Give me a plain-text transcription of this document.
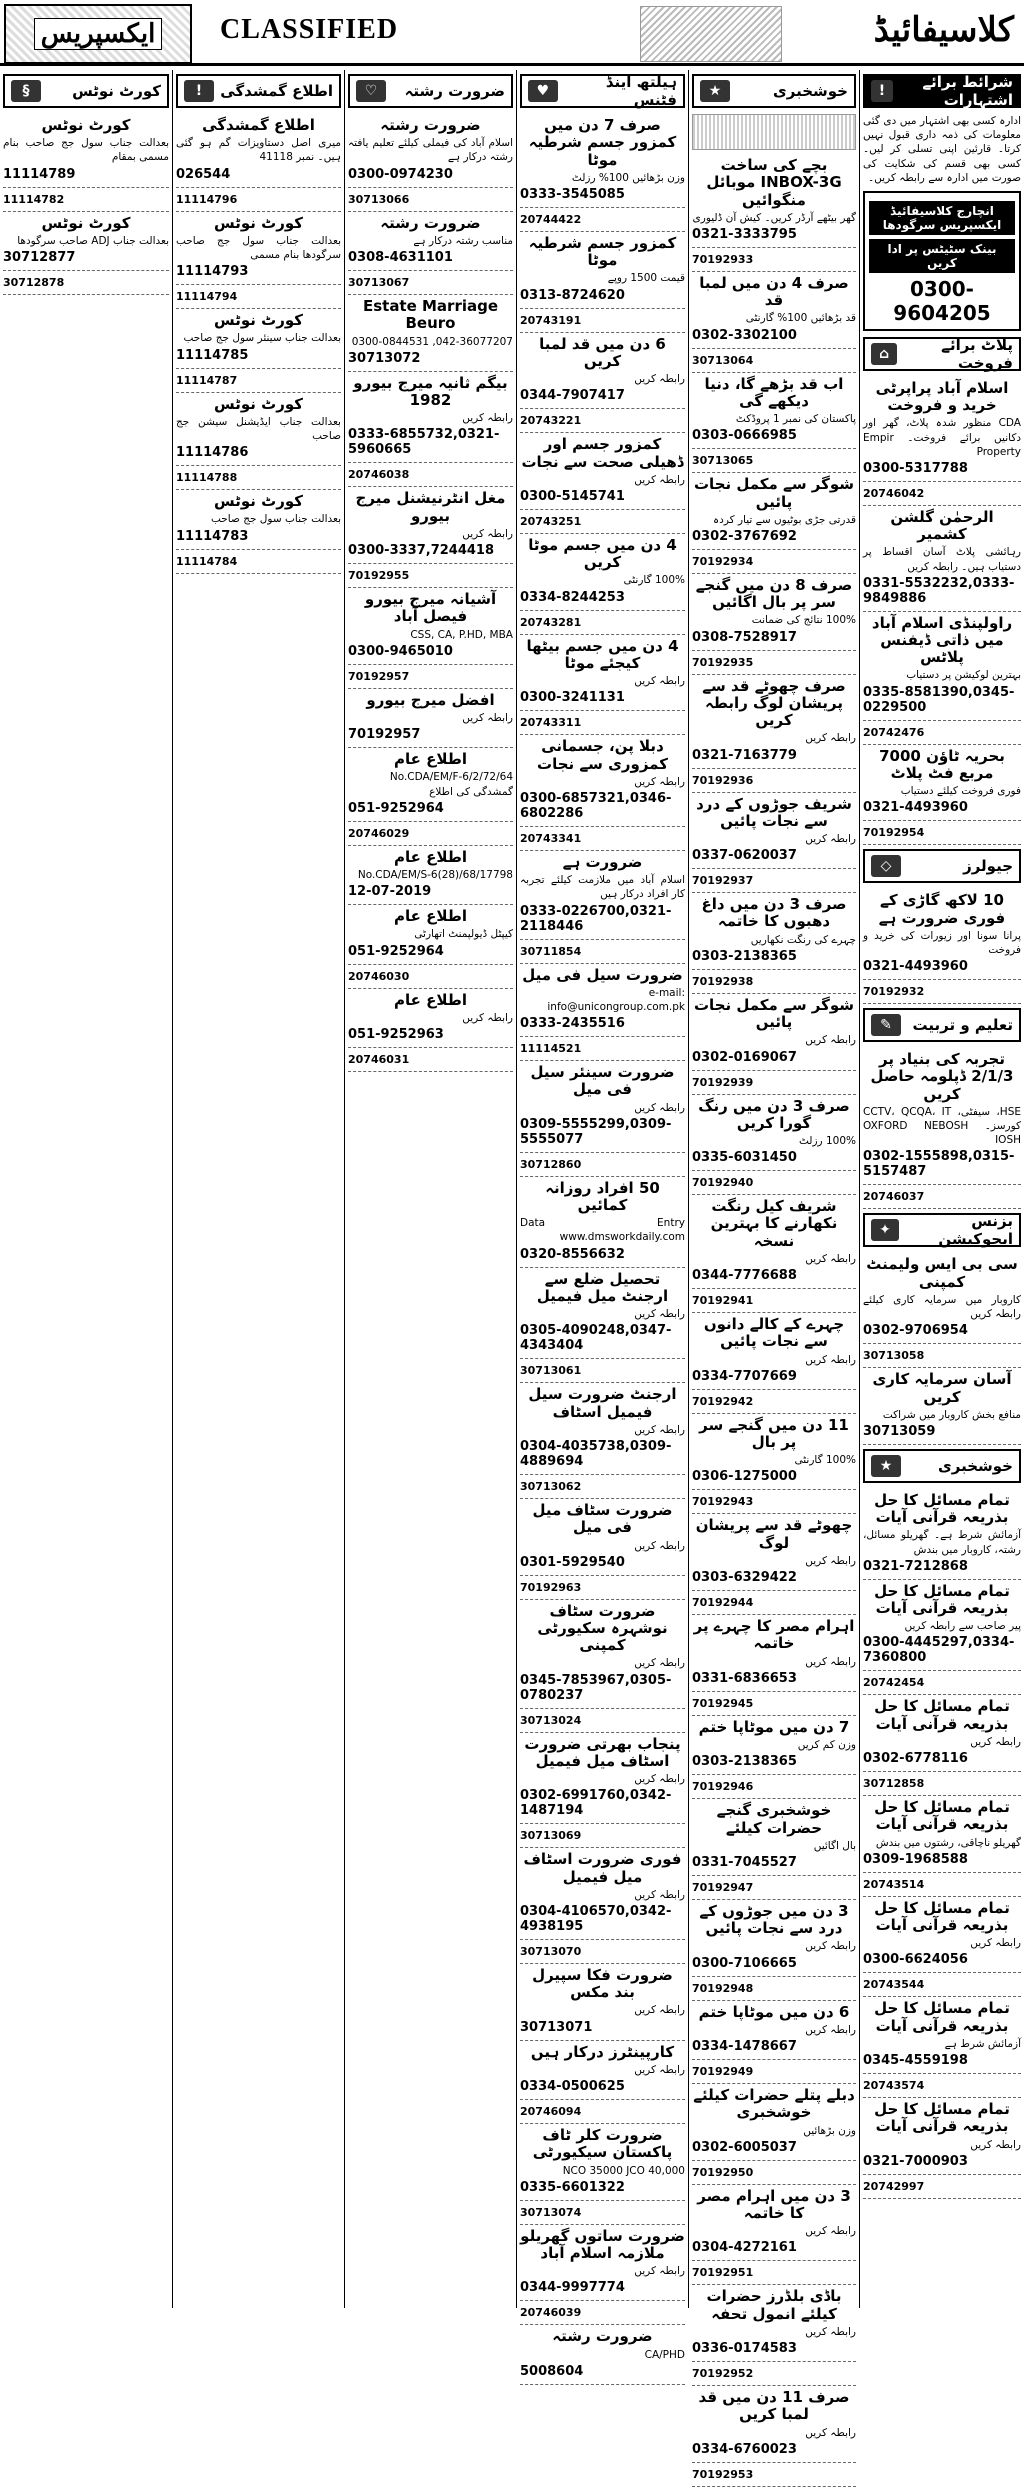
ایکسپریس CLASSIFIED	کلاسیفائیڈ
شرائط برائے اشتہارات
!
ادارہ کسی بھی اشتہار میں دی گئی معلومات کی ذمہ داری قبول نہیں کرتا۔ قارئین اپنی تسلی کر لیں۔ کسی بھی قسم کی شکایت کی صورت میں ادارہ سے رابطہ کریں۔
انچارج کلاسیفائیڈ ایکسپریس سرگودھا
بینک سٹیٹس پر ادا کریں
0300-9604205
پلاٹ برائے فروخت
⌂
اسلام آباد پراپرٹی خرید و فروخت

CDA منظور شدہ پلاٹ، گھر اور دکانیں برائے فروخت۔ Empir Property

0300-5317788
20746042
الرحمٰن گلشن کشمیر

رہائشی پلاٹ آسان اقساط پر دستیاب ہیں۔ رابطہ کریں

0331-5532232,0333-9849886
راولپنڈی اسلام آباد میں ذاتی ڈیفنس پلاٹس

بہترین لوکیشن پر دستیاب

0335-8581390,0345-0229500
20742476
بحریہ ٹاؤن 7000 مربع فٹ پلاٹ

فوری فروخت کیلئے دستیاب

0321-4493960
70192954
جیولرز
◇
10 لاکھ گاڑی کے فوری ضرورت ہے

پرانا سونا اور زیورات کی خرید و فروخت

0321-4493960
70192932
تعلیم و تربیت
✎
تجربہ کی بنیاد پر 2/1/3 ڈپلومہ حاصل کریں

HSE، سیفٹی، CCTV، QCQA، IT کورسز۔ OXFORD NEBOSH IOSH

0302-1555898,0315-5157487
20746037
بزنس ایجوکیشن
✦
سی بی ایس ولیمنٹ کمپنی

کاروبار میں سرمایہ کاری کیلئے رابطہ کریں

0302-9706954
30713058
آسان سرمایہ کاری کریں

منافع بخش کاروبار میں شراکت

30713059
خوشخبری
★
تمام مسائل کا حل بذریعہ قرآنی آیات

آزمائش شرط ہے۔ گھریلو مسائل، رشتہ، کاروبار میں بندش

0321-7212868
تمام مسائل کا حل بذریعہ قرآنی آیات

پیر صاحب سے رابطہ کریں

0300-4445297,0334-7360800
20742454
تمام مسائل کا حل بذریعہ قرآنی آیات

رابطہ کریں

0302-6778116
30712858
تمام مسائل کا حل بذریعہ قرآنی آیات

گھریلو ناچاقی، رشتوں میں بندش

0309-1968588
20743514
تمام مسائل کا حل بذریعہ قرآنی آیات

رابطہ کریں

0300-6624056
20743544
تمام مسائل کا حل بذریعہ قرآنی آیات

آزمائش شرط ہے

0345-4559198
20743574
تمام مسائل کا حل بذریعہ قرآنی آیات

رابطہ کریں

0321-7000903
20742997
خوشخبری
★
بچے کی ساخت INBOX-3G موبائل منگوائیں

گھر بیٹھے آرڈر کریں۔ کیش آن ڈلیوری

0321-3333795
70192933
صرف 4 دن میں لمبا قد

قد بڑھائیں 100% گارنٹی

0302-3302100
30713064
اب قد بڑھے گا، دنیا دیکھے گی

پاکستان کی نمبر 1 پروڈکٹ

0303-0666985
30713065
شوگر سے مکمل نجات پائیں

قدرتی جڑی بوٹیوں سے تیار کردہ

0302-3767692
70192934
صرف 8 دن میں گنجے سر پر بال اگائیں

100% نتائج کی ضمانت

0308-7528917
70192935
صرف چھوٹے قد سے پریشان لوگ رابطہ کریں

رابطہ کریں

0321-7163779
70192936
شریف جوڑوں کے درد سے نجات پائیں

رابطہ کریں

0337-0620037
70192937
صرف 3 دن میں داغ دھبوں کا خاتمہ

چہرے کی رنگت نکھاریں

0303-2138365
70192938
شوگر سے مکمل نجات پائیں

رابطہ کریں

0302-0169067
70192939
صرف 3 دن میں رنگ گورا کریں

100% رزلٹ

0335-6031450
70192940
شریف کیل رنگت نکھارنے کا بہترین نسخہ

رابطہ کریں

0344-7776688
70192941
چہرے کے کالے دانوں سے نجات پائیں

رابطہ کریں

0334-7707669
70192942
11 دن میں گنجے سر پر بال

100% گارنٹی

0306-1275000
70192943
چھوٹے قد سے پریشان لوگ

رابطہ کریں

0303-6329422
70192944
اہرام مصر کا چہرے پر خاتمہ

رابطہ کریں

0331-6836653
70192945
7 دن میں موٹاپا ختم

وزن کم کریں

0303-2138365
70192946
خوشخبری گنجے حضرات کیلئے

بال اگائیں

0331-7045527
70192947
3 دن میں جوڑوں کے درد سے نجات پائیں

رابطہ کریں

0300-7106665
70192948
6 دن میں موٹاپا ختم

رابطہ کریں

0334-1478667
70192949
دبلے پتلے حضرات کیلئے خوشخبری

وزن بڑھائیں

0302-6005037
70192950
3 دن میں اہرام مصر کا خاتمہ

رابطہ کریں

0304-4272161
70192951
باڈی بلڈرز حضرات کیلئے انمول تحفہ

رابطہ کریں

0336-0174583
70192952
صرف 11 دن میں قد لمبا کریں

رابطہ کریں

0334-6760023
70192953
ہیلتھ اینڈ فٹنس
♥
صرف 7 دن میں کمزور جسم شرطیہ موٹا

وزن بڑھائیں 100% رزلٹ

0333-3545085
20744422
کمزور جسم شرطیہ موٹا

قیمت 1500 روپے

0313-8724620
20743191
6 دن میں قد لمبا کریں

رابطہ کریں

0344-7907417
20743221
کمزور جسم اور ڈھیلی صحت سے نجات

رابطہ کریں

0300-5145741
20743251
4 دن میں جسم موٹا کریں

100% گارنٹی

0334-8244253
20743281
4 دن میں جسم بیٹھا کیجئے موٹا

رابطہ کریں

0300-3241131
20743311
دبلا پن، جسمانی کمزوری سے نجات

رابطہ کریں

0300-6857321,0346-6802286
20743341
ضرورت ہے

اسلام آباد میں ملازمت کیلئے تجربہ کار افراد درکار ہیں

0333-0226700,0321-2118446
30711854
ضرورت سیل فی میل

e-mail: info@unicongroup.com.pk

0333-2435516
11114521
ضرورت سینئر سیل فی میل

رابطہ کریں

0309-5555299,0309-5555077
30712860
50 افراد روزانہ کمائیں

Data Entry www.dmsworkdaily.com

0320-8556632
تحصیل ضلع سے ارجنٹ میل فیمیل

رابطہ کریں

0305-4090248,0347-4343404
30713061
ارجنٹ ضرورت سیل فیمیل اسٹاف

رابطہ کریں

0304-4035738,0309-4889694
30713062
ضرورت سٹاف میل فی میل

رابطہ کریں

0301-5929540
70192963
ضرورت سٹاف نوشہرہ سکیورٹی کمپنی

رابطہ کریں

0345-7853967,0305-0780237
30713024
پنجاب بھرتی ضرورت اسٹاف میل فیمیل

رابطہ کریں

0302-6991760,0342-1487194
30713069
فوری ضرورت اسٹاف میل فیمیل

رابطہ کریں

0304-4106570,0342-4938195
30713070
ضرورت فکا سپیرل بند مکس

رابطہ کریں

30713071
کارپینٹرز درکار ہیں

رابطہ کریں

0334-0500625
20746094
ضرورت کلر ٹاف پاکستان سیکیورٹی

NCO 35000 JCO 40,000

0335-6601322
30713074
ضرورت ساتوں گھریلو ملازمہ اسلام آباد

رابطہ کریں

0344-9997774
20746039
ضرورت رشتہ

CA/PHD

5008604
ضرورت رشتہ
♡
ضرورت رشتہ

اسلام آباد کی فیملی کیلئے تعلیم یافتہ رشتہ درکار ہے

0300-0974230
30713066
ضرورت رشتہ

مناسب رشتہ درکار ہے

0308-4631101
30713067
Estate Marriage Beuro

042-36077207, 0300-0844531

30713072
بیگم ثانیہ میرج بیورو 1982

رابطہ کریں

0333-6855732,0321-5960665
20746038
مغل انٹرنیشنل میرج بیورو

رابطہ کریں

0300-3337,7244418
70192955
آشیانہ میرج بیورو فیصل آباد

CSS, CA, P.HD, MBA

0300-9465010
70192957
افضل میرج بیورو

رابطہ کریں

70192957
اطلاع عام

No.CDA/EM/F-6/2/72/64 گمشدگی کی اطلاع

051-9252964
20746029
اطلاع عام

No.CDA/EM/S-6(28)/68/17798

12-07-2019
اطلاع عام

کیپٹل ڈیولپمنٹ اتھارٹی

051-9252964
20746030
اطلاع عام

رابطہ کریں

051-9252963
20746031
اطلاع گمشدگی
!
اطلاع گمشدگی

میری اصل دستاویزات گم ہو گئی ہیں۔ نمبر 41118

026544
11114796
کورٹ نوٹس

بعدالت جناب سول جج صاحب سرگودھا بنام مسمی

11114793
11114794
کورٹ نوٹس

بعدالت جناب سینئر سول جج صاحب

11114785
11114787
کورٹ نوٹس

بعدالت جناب ایڈیشنل سیشن جج صاحب

11114786
11114788
کورٹ نوٹس

بعدالت جناب سول جج صاحب

11114783
11114784
کورٹ نوٹس
§
کورٹ نوٹس

بعدالت جناب سول جج صاحب بنام مسمی بمقام

11114789
11114782
کورٹ نوٹس

بعدالت جناب ADJ صاحب سرگودھا

30712877
30712878
